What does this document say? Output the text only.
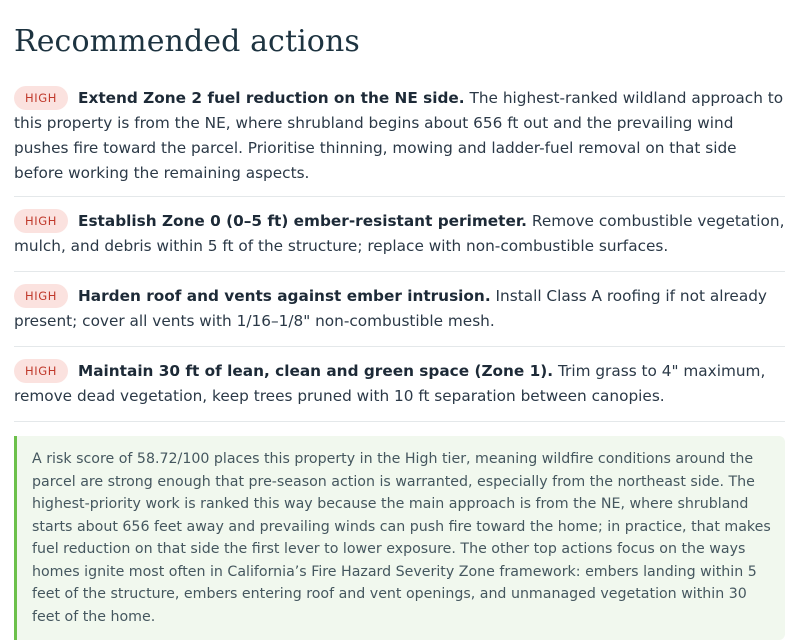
Recommended actions
HIGH Extend Zone 2 fuel reduction on the NE side. The highest-ranked wildland approach to this property is from the NE, where shrubland begins about 656 ft out and the prevailing wind pushes fire toward the parcel. Prioritise thinning, mowing and ladder-fuel removal on that side before working the remaining aspects.
HIGH Establish Zone 0 (0–5 ft) ember-resistant perimeter. Remove combustible vegetation, mulch, and debris within 5 ft of the structure; replace with non-combustible surfaces.
HIGH Harden roof and vents against ember intrusion. Install Class A roofing if not already present; cover all vents with 1/16–1/8" non-combustible mesh.
HIGH Maintain 30 ft of lean, clean and green space (Zone 1). Trim grass to 4" maximum, remove dead vegetation, keep trees pruned with 10 ft separation between canopies.
A risk score of 58.72/100 places this property in the High tier, meaning wildfire conditions around the parcel are strong enough that pre-season action is warranted, especially from the northeast side. The highest-priority work is ranked this way because the main approach is from the NE, where shrubland starts about 656 feet away and prevailing winds can push fire toward the home; in practice, that makes fuel reduction on that side the first lever to lower exposure. The other top actions focus on the ways homes ignite most often in California’s Fire Hazard Severity Zone framework: embers landing within 5 feet of the structure, embers entering roof and vent openings, and unmanaged vegetation within 30 feet of the home.
